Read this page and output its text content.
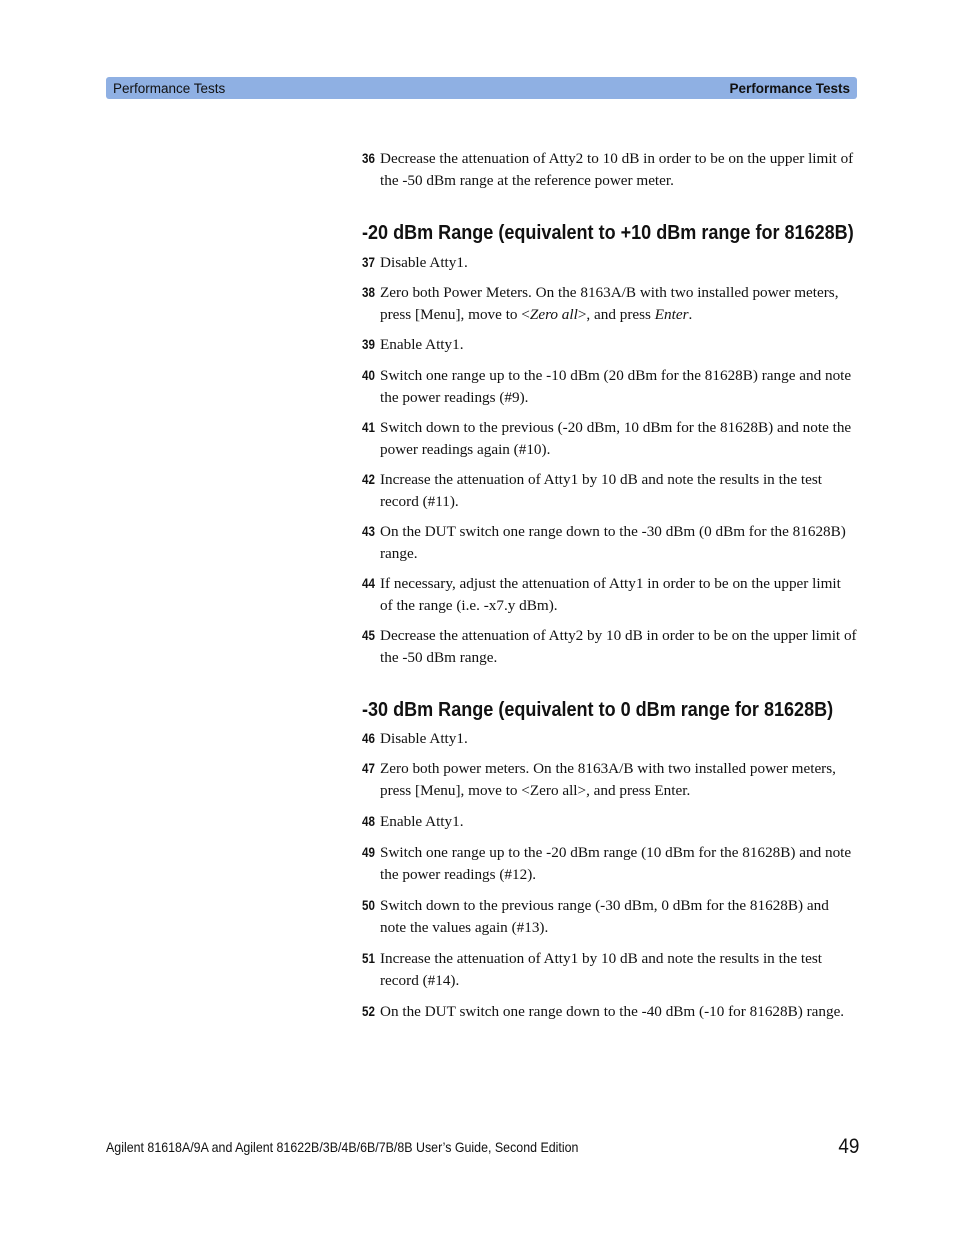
Performance Tests	Performance Tests
36 Decrease the attenuation of Atty2 to 10 dB in order to be on the upper limit of the -50 dBm range at the reference power meter.
-20 dBm Range (equivalent to +10 dBm range for 81628B)
37 Disable Atty1.
38 Zero both Power Meters. On the 8163A/B with two installed power meters, press [Menu], move to <Zero all>, and press Enter.
39 Enable Atty1.
40 Switch one range up to the -10 dBm (20 dBm for the 81628B) range and note the power readings (#9).
41 Switch down to the previous (-20 dBm, 10 dBm for the 81628B) and note the power readings again (#10).
42 Increase the attenuation of Atty1 by 10 dB and note the results in the test record (#11).
43 On the DUT switch one range down to the -30 dBm (0 dBm for the 81628B) range.
44 If necessary, adjust the attenuation of Atty1 in order to be on the upper limit of the range (i.e. -x7.y dBm).
45 Decrease the attenuation of Atty2 by 10 dB in order to be on the upper limit of the -50 dBm range.
-30 dBm Range (equivalent to 0 dBm range for 81628B)
46 Disable Atty1.
47 Zero both power meters. On the 8163A/B with two installed power meters, press [Menu], move to <Zero all>, and press Enter.
48 Enable Atty1.
49 Switch one range up to the -20 dBm range (10 dBm for the 81628B) and note the power readings (#12).
50 Switch down to the previous range (-30 dBm, 0 dBm for the 81628B) and note the values again (#13).
51 Increase the attenuation of Atty1 by 10 dB and note the results in the test record (#14).
52 On the DUT switch one range down to the -40 dBm (-10 for 81628B) range.
Agilent 81618A/9A and Agilent 81622B/3B/4B/6B/7B/8B User’s Guide, Second Edition	49
